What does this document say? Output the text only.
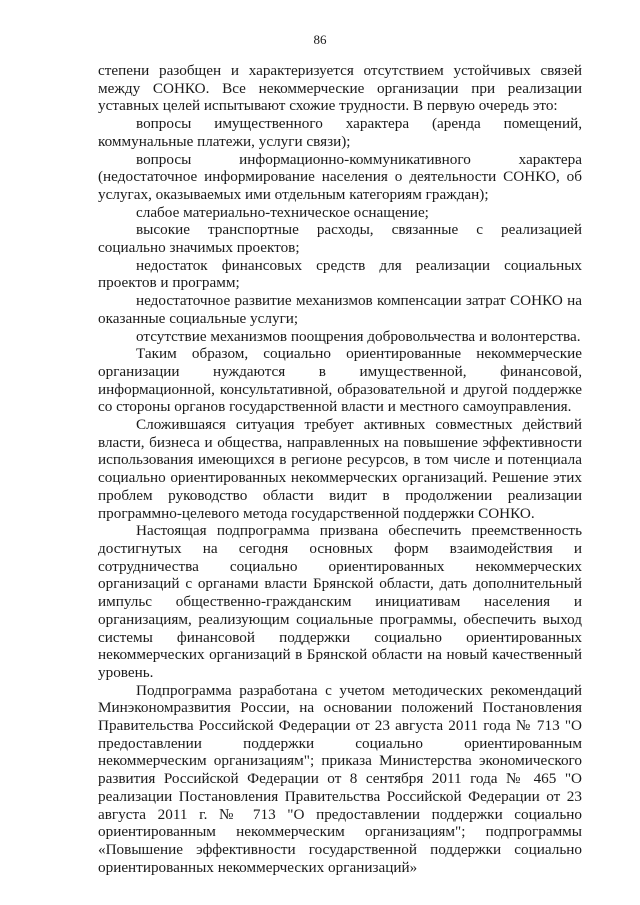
86

степени разобщен и характеризуется отсутствием устойчивых связей между СОНКО. Все некоммерческие организации при реализации уставных целей испытывают схожие трудности. В первую очередь это:

вопросы имущественного характера (аренда помещений, коммунальные платежи, услуги связи);

вопросы информационно-коммуникативного характера (недостаточное информирование населения о деятельности СОНКО, об услугах, оказываемых ими отдельным категориям граждан);

слабое материально-техническое оснащение;

высокие транспортные расходы, связанные с реализацией социально значимых проектов;

недостаток финансовых средств для реализации социальных проектов и программ;

недостаточное развитие механизмов компенсации затрат СОНКО на оказанные социальные услуги;

отсутствие механизмов поощрения добровольчества и волонтерства.

Таким образом, социально ориентированные некоммерческие организации нуждаются в имущественной, финансовой, информационной, консультативной, образовательной и другой поддержке со стороны органов государственной власти и местного самоуправления.

Сложившаяся ситуация требует активных совместных действий власти, бизнеса и общества, направленных на повышение эффективности использования имеющихся в регионе ресурсов, в том числе и потенциала социально ориентированных некоммерческих организаций. Решение этих проблем руководство области видит в продолжении реализации программно-целевого метода государственной поддержки СОНКО.

Настоящая подпрограмма призвана обеспечить преемственность достигнутых на сегодня основных форм взаимодействия и сотрудничества социально ориентированных некоммерческих организаций с органами власти Брянской области, дать дополнительный импульс общественно-гражданским инициативам населения и организациям, реализующим социальные программы, обеспечить выход системы финансовой поддержки социально ориентированных некоммерческих организаций в Брянской области на новый качественный уровень.

Подпрограмма разработана с учетом методических рекомендаций Минэкономразвития России, на основании положений Постановления Правительства Российской Федерации от 23 августа 2011 года № 713 "О предоставлении поддержки социально ориентированным некоммерческим организациям"; приказа Министерства экономического развития Российской Федерации от 8 сентября 2011 года № 465 "О реализации Постановления Правительства Российской Федерации от 23 августа 2011 г. № 713 "О предоставлении поддержки социально ориентированным некоммерческим организациям"; подпрограммы «Повышение эффективности государственной поддержки социально ориентированных некоммерческих организаций»
